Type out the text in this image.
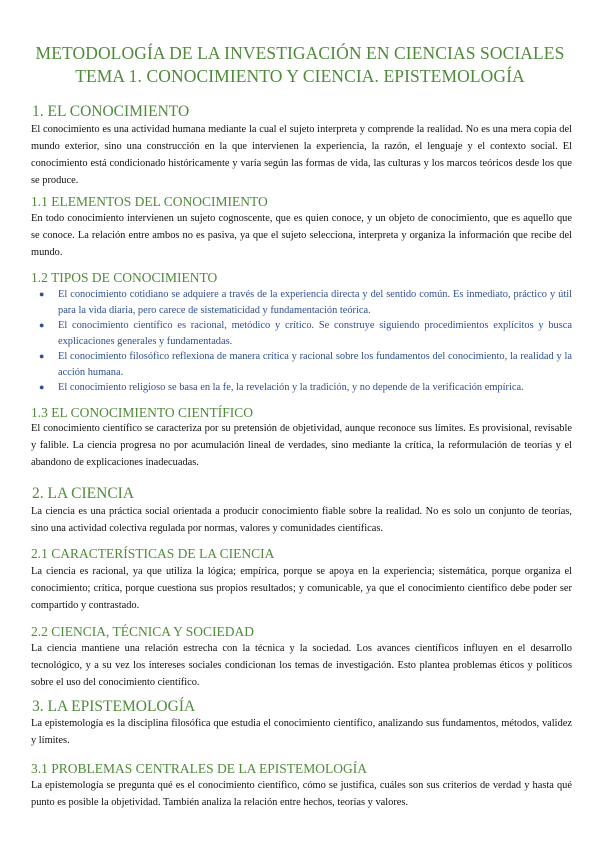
METODOLOGÍA DE LA INVESTIGACIÓN EN CIENCIAS SOCIALES
TEMA 1. CONOCIMIENTO Y CIENCIA. EPISTEMOLOGÍA
1. EL CONOCIMIENTO

El conocimiento es una actividad humana mediante la cual el sujeto interpreta y comprende la realidad. No es una mera copia del mundo exterior, sino una construcción en la que intervienen la experiencia, la razón, el lenguaje y el contexto social. El conocimiento está condicionado históricamente y varía según las formas de vida, las culturas y los marcos teóricos desde los que se produce.

1.1 ELEMENTOS DEL CONOCIMIENTO

En todo conocimiento intervienen un sujeto cognoscente, que es quien conoce, y un objeto de conocimiento, que es aquello que se conoce. La relación entre ambos no es pasiva, ya que el sujeto selecciona, interpreta y organiza la información que recibe del mundo.

1.2 TIPOS DE CONOCIMIENTO
● El conocimiento cotidiano se adquiere a través de la experiencia directa y del sentido común. Es inmediato, práctico y útil para la vida diaria, pero carece de sistematicidad y fundamentación teórica.
● El conocimiento científico es racional, metódico y crítico. Se construye siguiendo procedimientos explícitos y busca explicaciones generales y fundamentadas.
● El conocimiento filosófico reflexiona de manera crítica y racional sobre los fundamentos del conocimiento, la realidad y la acción humana.
● El conocimiento religioso se basa en la fe, la revelación y la tradición, y no depende de la verificación empírica.
1.3 EL CONOCIMIENTO CIENTÍFICO

El conocimiento científico se caracteriza por su pretensión de objetividad, aunque reconoce sus límites. Es provisional, revisable y falible. La ciencia progresa no por acumulación lineal de verdades, sino mediante la crítica, la reformulación de teorías y el abandono de explicaciones inadecuadas.

2. LA CIENCIA

La ciencia es una práctica social orientada a producir conocimiento fiable sobre la realidad. No es solo un conjunto de teorías, sino una actividad colectiva regulada por normas, valores y comunidades científicas.

2.1 CARACTERÍSTICAS DE LA CIENCIA

La ciencia es racional, ya que utiliza la lógica; empírica, porque se apoya en la experiencia; sistemática, porque organiza el conocimiento; crítica, porque cuestiona sus propios resultados; y comunicable, ya que el conocimiento científico debe poder ser compartido y contrastado.

2.2 CIENCIA, TÉCNICA Y SOCIEDAD

La ciencia mantiene una relación estrecha con la técnica y la sociedad. Los avances científicos influyen en el desarrollo tecnológico, y a su vez los intereses sociales condicionan los temas de investigación. Esto plantea problemas éticos y políticos sobre el uso del conocimiento científico.

3. LA EPISTEMOLOGÍA

La epistemología es la disciplina filosófica que estudia el conocimiento científico, analizando sus fundamentos, métodos, validez y límites.

3.1 PROBLEMAS CENTRALES DE LA EPISTEMOLOGÍA

La epistemología se pregunta qué es el conocimiento científico, cómo se justifica, cuáles son sus criterios de verdad y hasta qué punto es posible la objetividad. También analiza la relación entre hechos, teorías y valores.
